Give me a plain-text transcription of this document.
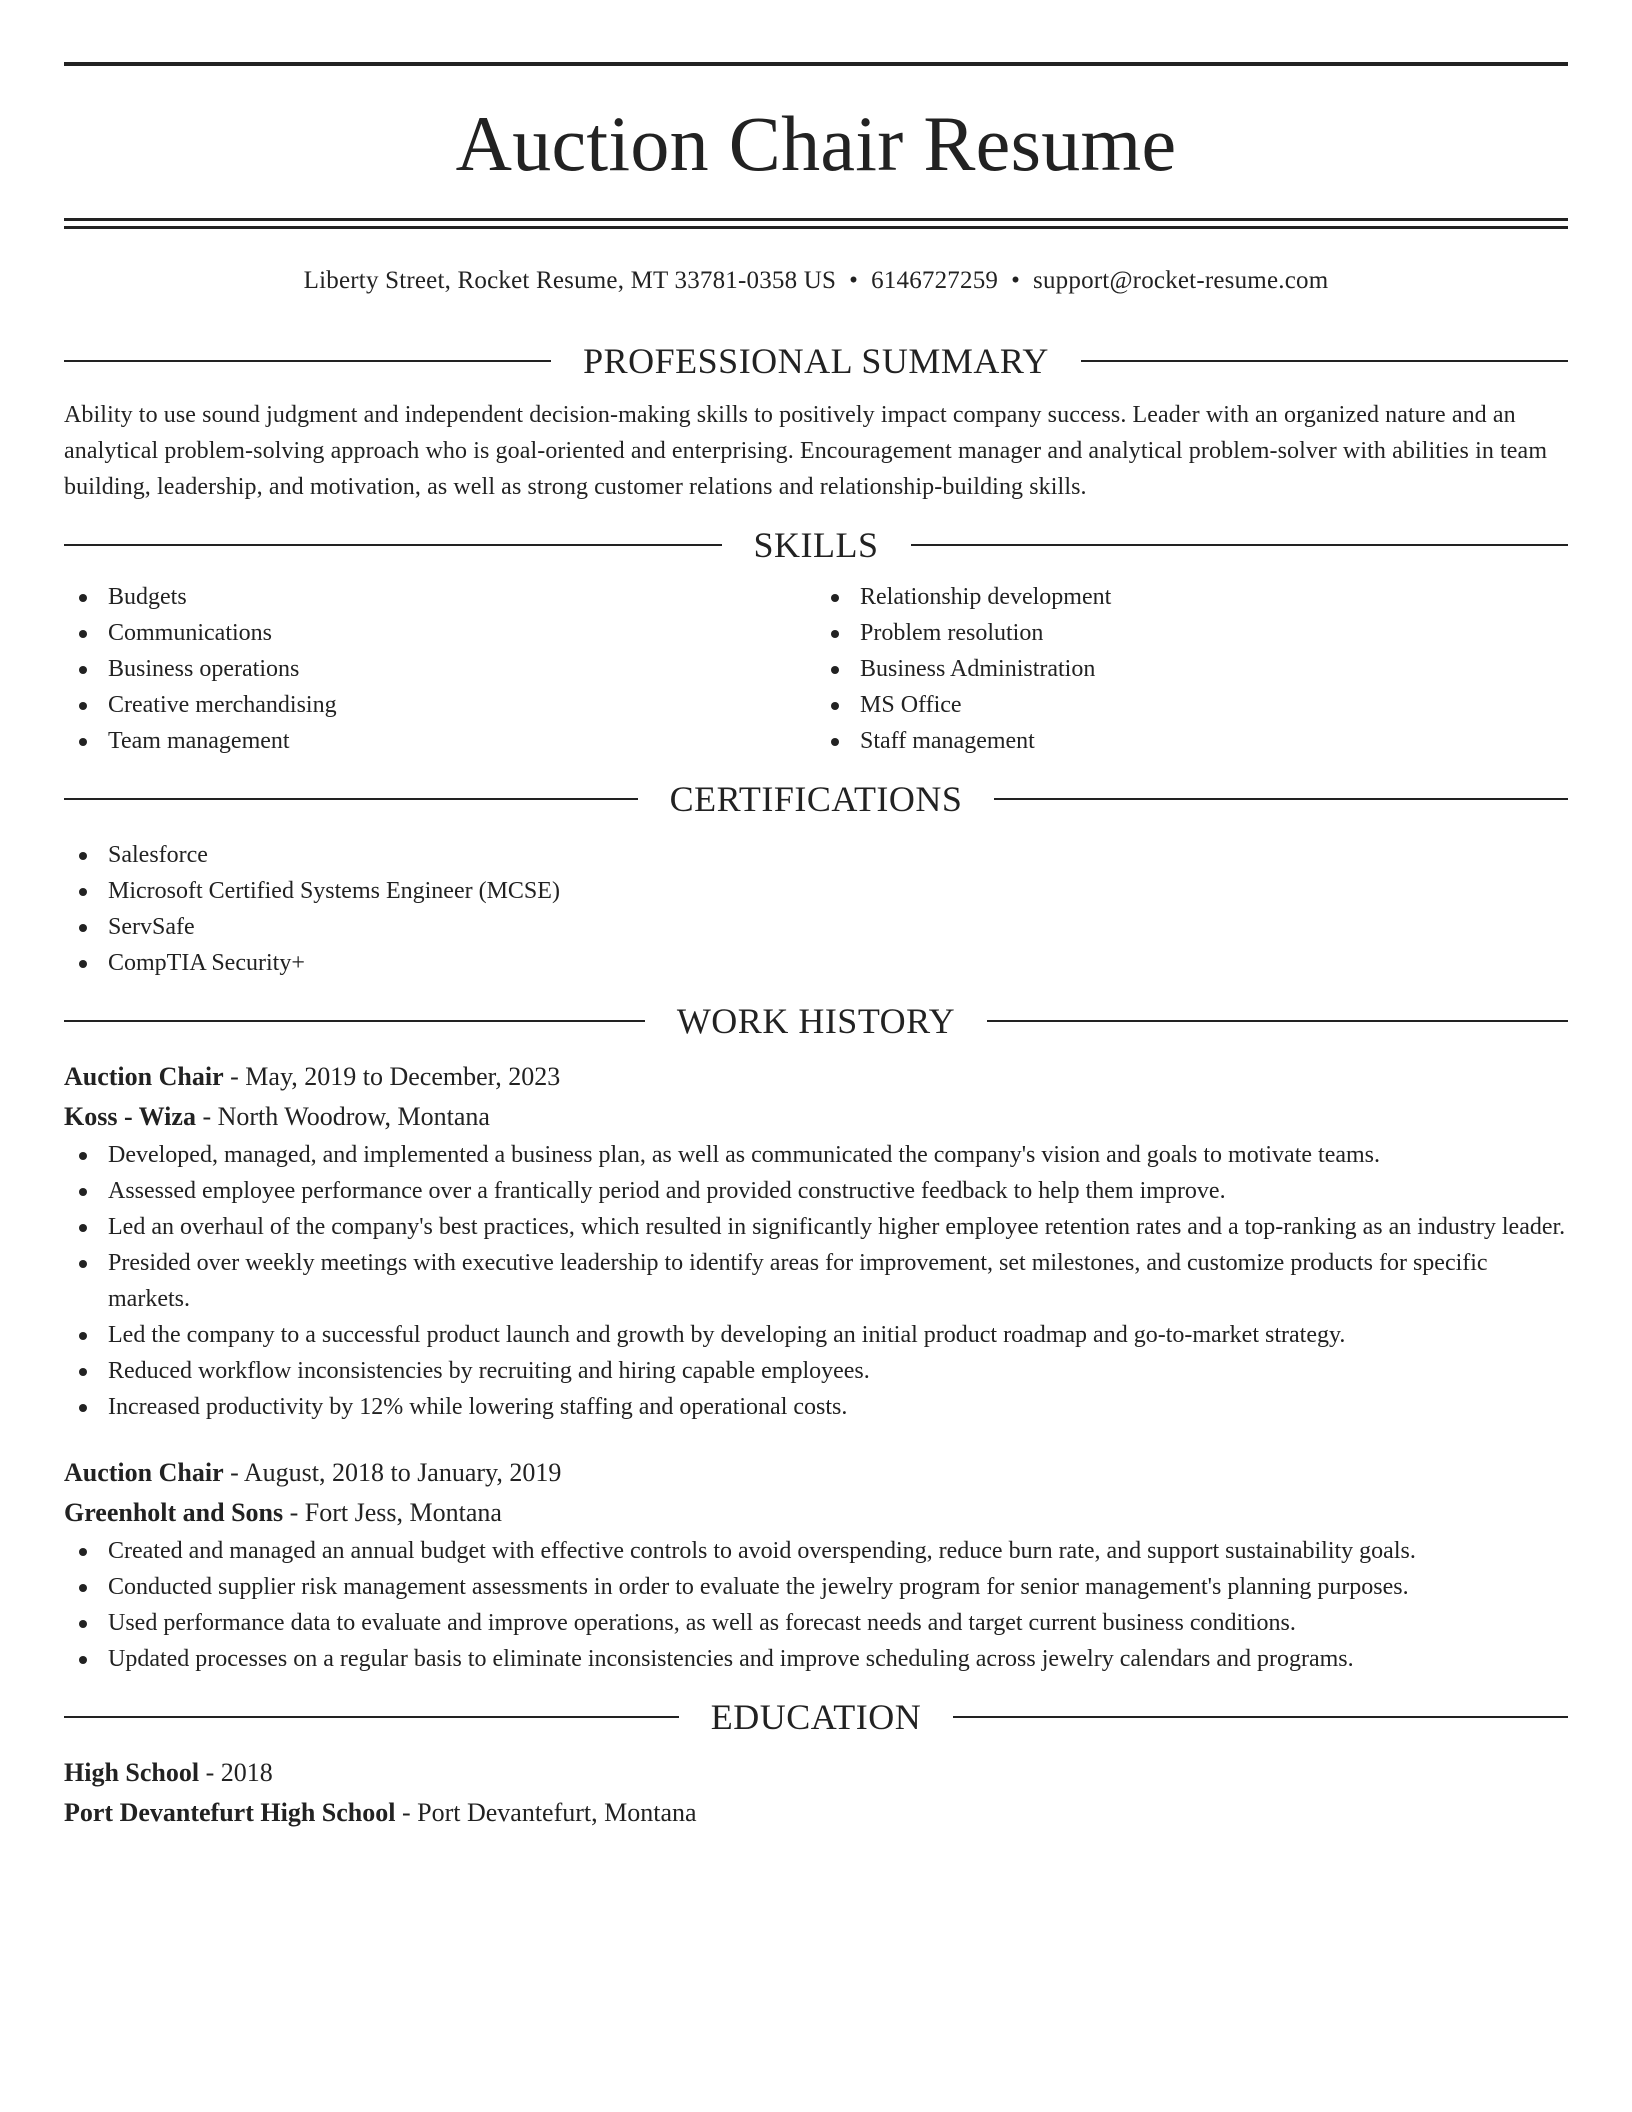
Auction Chair Resume
Liberty Street, Rocket Resume, MT 33781-0358 US • 6146727259 • support@rocket-resume.com
PROFESSIONAL SUMMARY

Ability to use sound judgment and independent decision-making skills to positively impact company success. Leader with an organized nature and an analytical problem-solving approach who is goal-oriented and enterprising. Encouragement manager and analytical problem-solver with abilities in team building, leadership, and motivation, as well as strong customer relations and relationship-building skills.

SKILLS
Budgets
Communications
Business operations
Creative merchandising
Team management
Relationship development
Problem resolution
Business Administration
MS Office
Staff management
CERTIFICATIONS
Salesforce
Microsoft Certified Systems Engineer (MCSE)
ServSafe
CompTIA Security+
WORK HISTORY
Auction Chair - May, 2019 to December, 2023
Koss - Wiza - North Woodrow, Montana
Developed, managed, and implemented a business plan, as well as communicated the company's vision and goals to motivate teams.
Assessed employee performance over a frantically period and provided constructive feedback to help them improve.
Led an overhaul of the company's best practices, which resulted in significantly higher employee retention rates and a top-ranking as an industry leader.
Presided over weekly meetings with executive leadership to identify areas for improvement, set milestones, and customize products for specific markets.
Led the company to a successful product launch and growth by developing an initial product roadmap and go-to-market strategy.
Reduced workflow inconsistencies by recruiting and hiring capable employees.
Increased productivity by 12% while lowering staffing and operational costs.
Auction Chair - August, 2018 to January, 2019
Greenholt and Sons - Fort Jess, Montana
Created and managed an annual budget with effective controls to avoid overspending, reduce burn rate, and support sustainability goals.
Conducted supplier risk management assessments in order to evaluate the jewelry program for senior management's planning purposes.
Used performance data to evaluate and improve operations, as well as forecast needs and target current business conditions.
Updated processes on a regular basis to eliminate inconsistencies and improve scheduling across jewelry calendars and programs.
EDUCATION
High School - 2018
Port Devantefurt High School - Port Devantefurt, Montana
